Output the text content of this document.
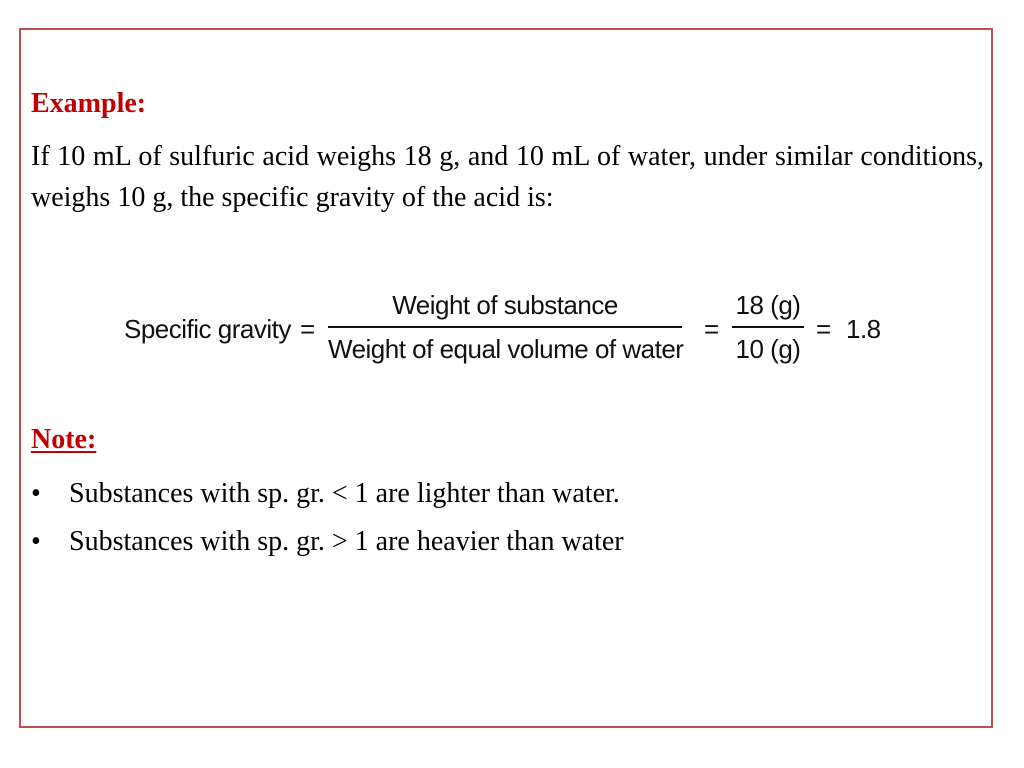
Example:
If 10 mL of sulfuric acid weighs 18 g, and 10 mL of water, under similar conditions, weighs 10 g, the specific gravity of the acid is:
Specific gravity =
Weight of substance
Weight of equal volume of water
=
18 (g)
10 (g)
= 1.8
Note:
• Substances with sp. gr. < 1 are lighter than water.
• Substances with sp. gr. > 1 are heavier than water
